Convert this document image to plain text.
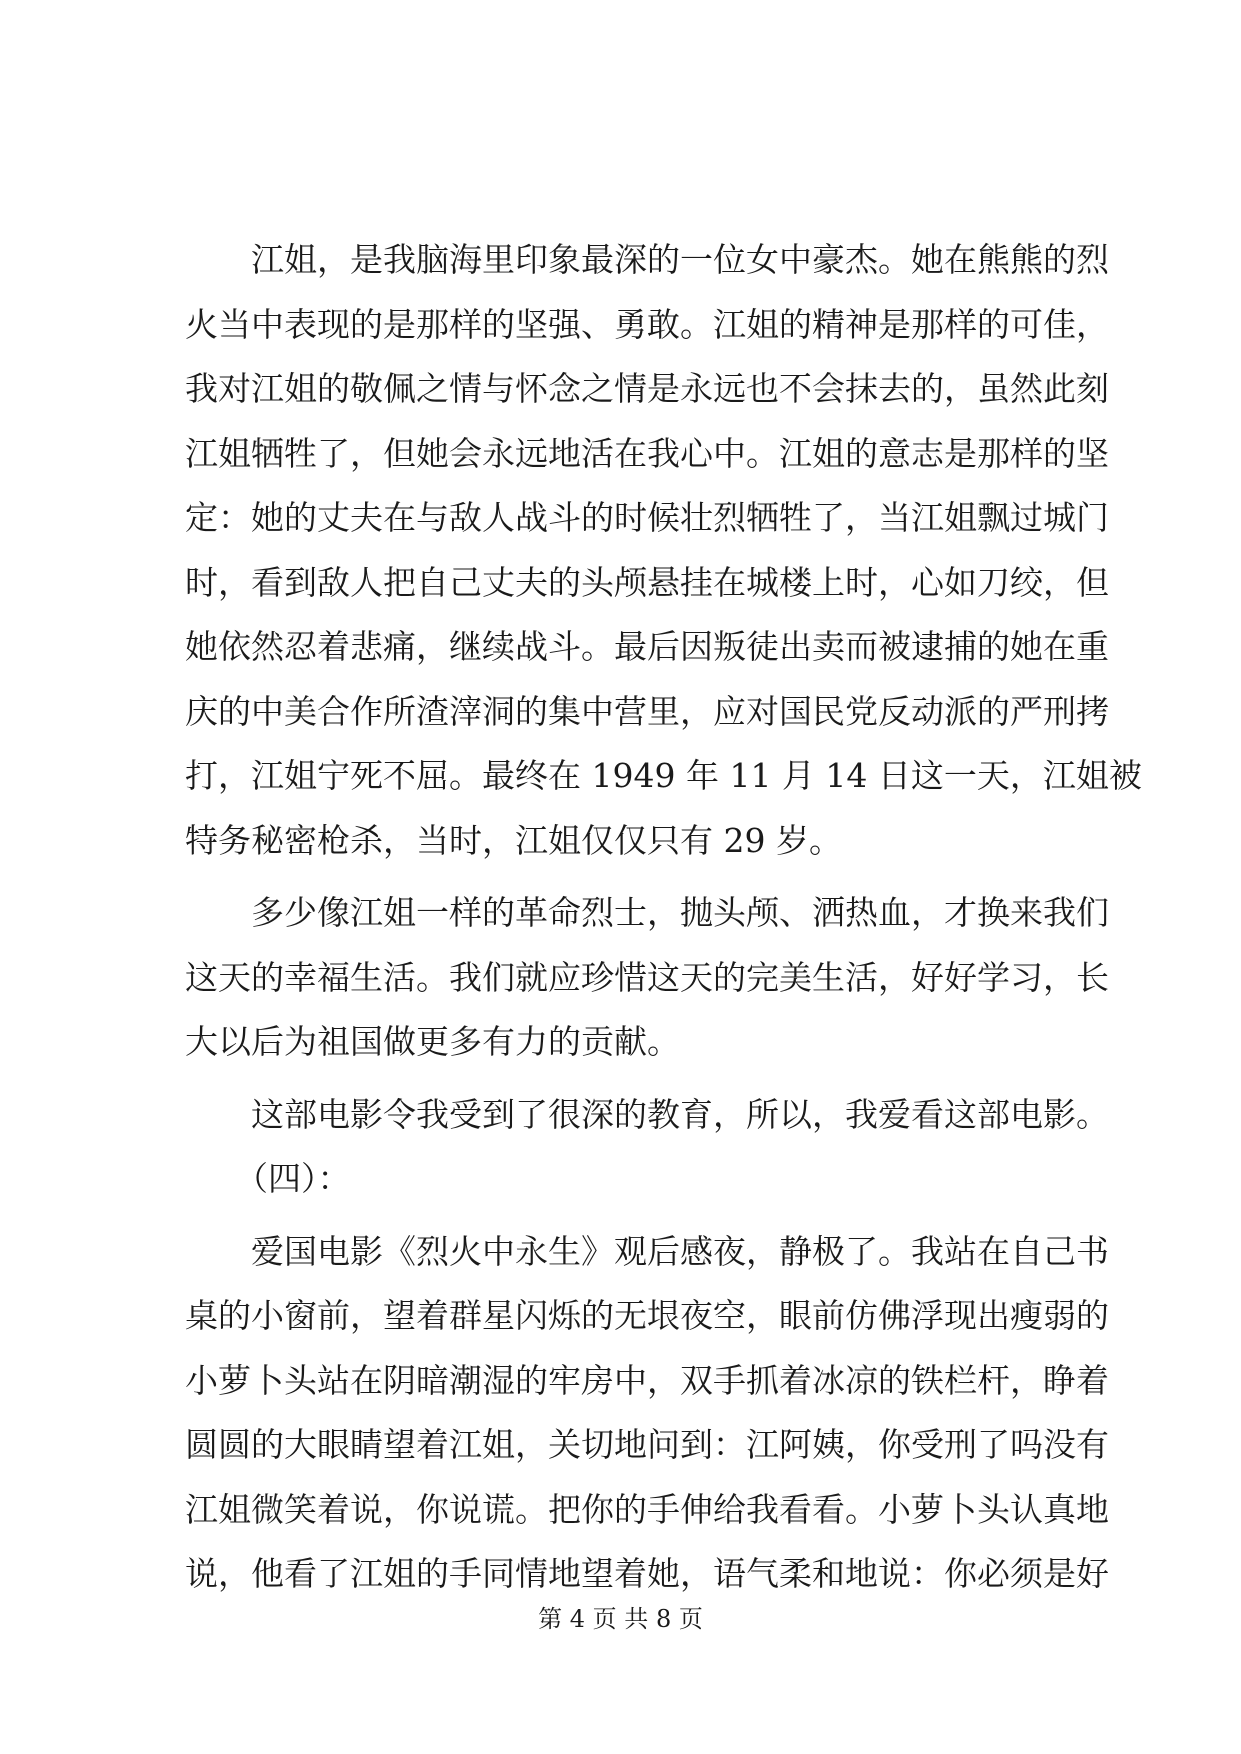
江姐，是我脑海里印象最深的一位女中豪杰。她在熊熊的烈
火当中表现的是那样的坚强、勇敢。江姐的精神是那样的可佳，
我对江姐的敬佩之情与怀念之情是永远也不会抹去的，虽然此刻
江姐牺牲了，但她会永远地活在我心中。江姐的意志是那样的坚
定：她的丈夫在与敌人战斗的时候壮烈牺牲了，当江姐飘过城门
时，看到敌人把自己丈夫的头颅悬挂在城楼上时，心如刀绞，但
她依然忍着悲痛，继续战斗。最后因叛徒出卖而被逮捕的她在重
庆的中美合作所渣滓洞的集中营里，应对国民党反动派的严刑拷
打，江姐宁死不屈。最终在 1949 年 11 月 14 日这一天，江姐被
特务秘密枪杀，当时，江姐仅仅只有 29 岁。
多少像江姐一样的革命烈士，抛头颅、洒热血，才换来我们
这天的幸福生活。我们就应珍惜这天的完美生活，好好学习，长
大以后为祖国做更多有力的贡献。
这部电影令我受到了很深的教育，所以，我爱看这部电影。
（四）：
爱国电影《烈火中永生》观后感夜，静极了。我站在自己书
桌的小窗前，望着群星闪烁的无垠夜空，眼前仿佛浮现出瘦弱的
小萝卜头站在阴暗潮湿的牢房中，双手抓着冰凉的铁栏杆，睁着
圆圆的大眼睛望着江姐，关切地问到：江阿姨，你受刑了吗没有
江姐微笑着说，你说谎。把你的手伸给我看看。小萝卜头认真地
说，他看了江姐的手同情地望着她，语气柔和地说：你必须是好
第 4 页 共 8 页
